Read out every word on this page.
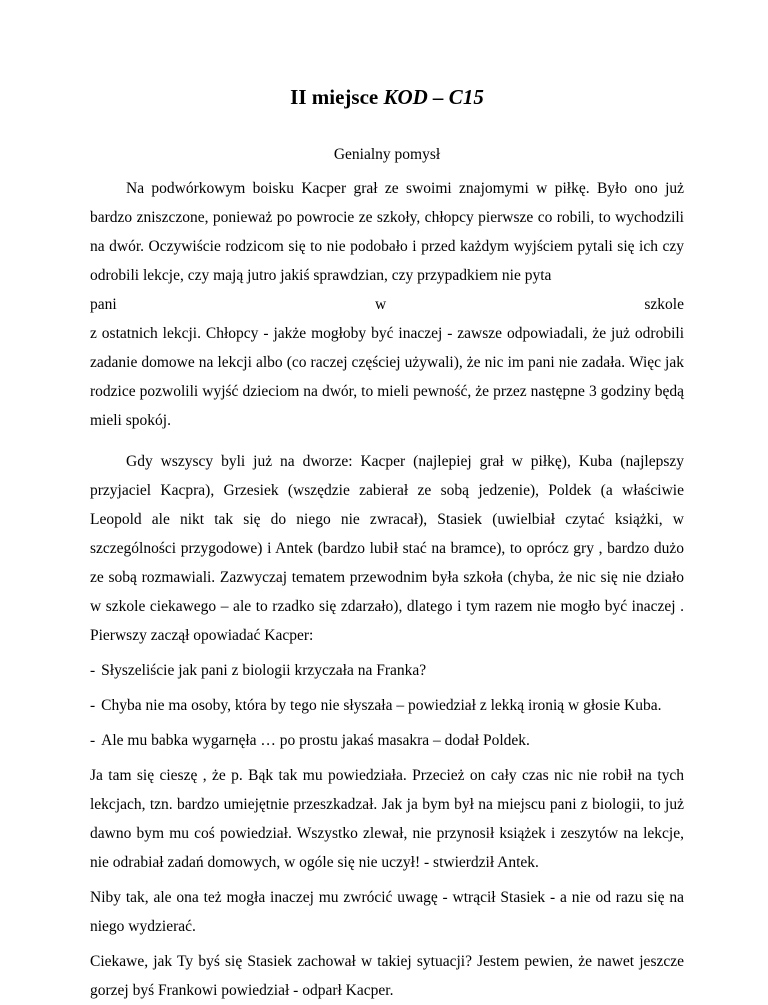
II miejsce KOD – C15

Genialny pomysł

Na podwórkowym boisku Kacper grał ze swoimi znajomymi w piłkę. Było ono już bardzo zniszczone, ponieważ po powrocie ze szkoły, chłopcy pierwsze co robili, to wychodzili na dwór. Oczywiście rodzicom się to nie podobało i przed każdym wyjściem pytali się ich czy odrobili lekcje, czy mają jutro jakiś sprawdzian, czy przypadkiem nie pyta

pani	w	szkole

z ostatnich lekcji. Chłopcy - jakże mogłoby być inaczej - zawsze odpowiadali, że już odrobili zadanie domowe na lekcji albo (co raczej częściej używali), że nic im pani nie zadała. Więc jak rodzice pozwolili wyjść dzieciom na dwór, to mieli pewność, że przez następne 3 godziny będą mieli spokój.

Gdy wszyscy byli już na dworze: Kacper (najlepiej grał w piłkę), Kuba (najlepszy przyjaciel Kacpra), Grzesiek (wszędzie zabierał ze sobą jedzenie), Poldek (a właściwie Leopold ale nikt tak się do niego nie zwracał), Stasiek (uwielbiał czytać książki, w szczególności przygodowe) i Antek (bardzo lubił stać na bramce), to oprócz gry , bardzo dużo ze sobą rozmawiali. Zazwyczaj tematem przewodnim była szkoła (chyba, że nic się nie działo w szkole ciekawego – ale to rzadko się zdarzało), dlatego i tym razem nie mogło być inaczej . Pierwszy zaczął opowiadać Kacper:

- Słyszeliście jak pani z biologii krzyczała na Franka?

- Chyba nie ma osoby, która by tego nie słyszała – powiedział z lekką ironią w głosie Kuba.

- Ale mu babka wygarnęła … po prostu jakaś masakra – dodał Poldek.

Ja tam się cieszę , że p. Bąk tak mu powiedziała. Przecież on cały czas nic nie robił na tych lekcjach, tzn. bardzo umiejętnie przeszkadzał. Jak ja bym był na miejscu pani z biologii, to już dawno bym mu coś powiedział. Wszystko zlewał, nie przynosił książek i zeszytów na lekcje, nie odrabiał zadań domowych, w ogóle się nie uczył! - stwierdził Antek.

Niby tak, ale ona też mogła inaczej mu zwrócić uwagę - wtrącił Stasiek - a nie od razu się na niego wydzierać.

Ciekawe, jak Ty byś się Stasiek zachował w takiej sytuacji? Jestem pewien, że nawet jeszcze gorzej byś Frankowi powiedział - odparł Kacper.
